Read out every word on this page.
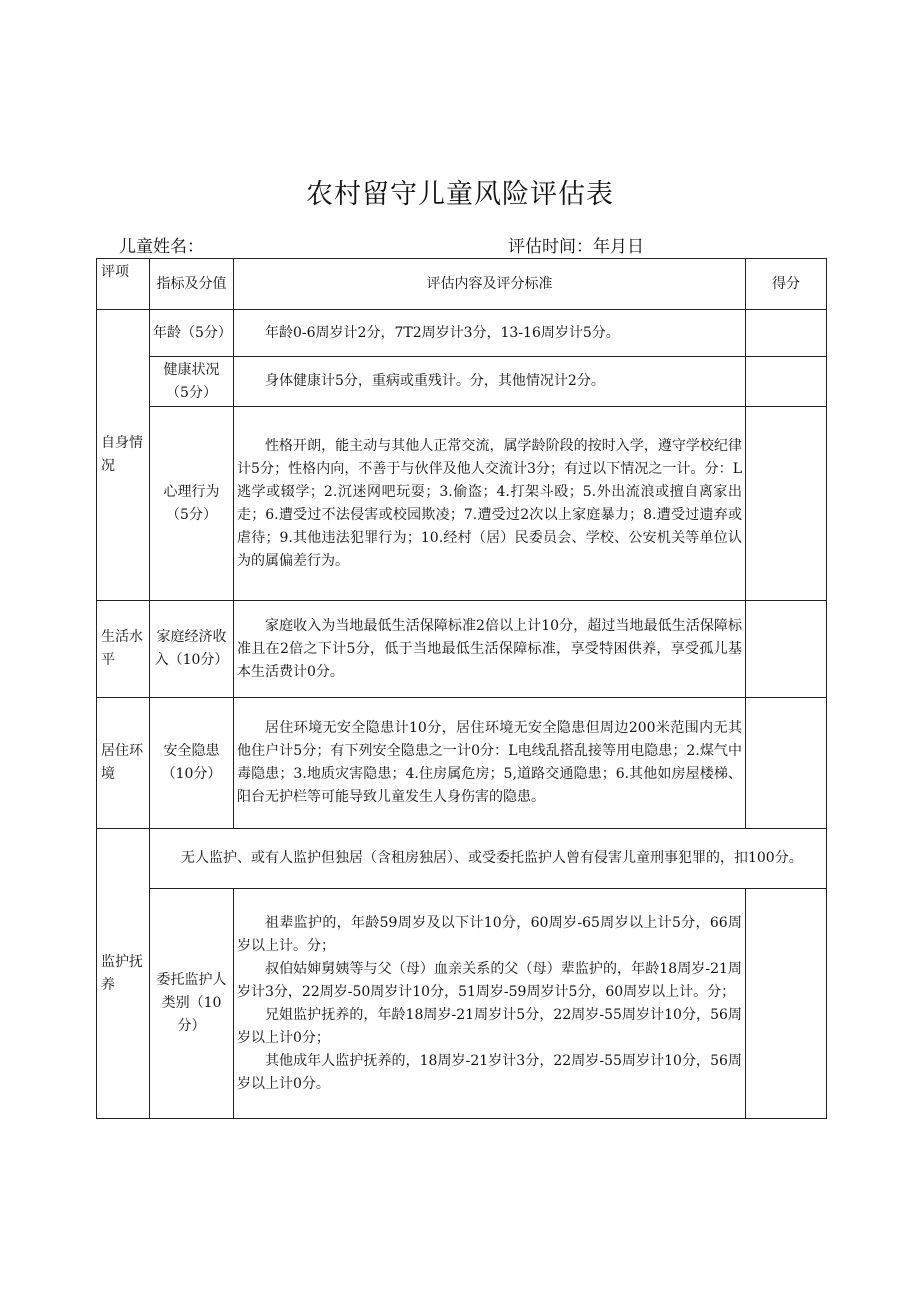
农村留守儿童风险评估表
儿童姓名：	评估时间：年月日
评项	指标及分值	评估内容及评分标准	得分
自身情况	年龄（5分）	年龄0-6周岁计2分，7T2周岁计3分，13-16周岁计5分。	
	健康状况（5分）	身体健康计5分，重病或重残计。分，其他情况计2分。	
	心理行为（5分）	性格开朗，能主动与其他人正常交流，属学龄阶段的按时入学，遵守学校纪律计5分；性格内向，不善于与伙伴及他人交流计3分；有过以下情况之一计。分：L逃学或辍学；2.沉迷网吧玩耍；3.偷盗；4.打架斗殴；5.外出流浪或擅自离家出走；6.遭受过不法侵害或校园欺凌；7.遭受过2次以上家庭暴力；8.遭受过遗弃或虐待；9.其他违法犯罪行为；10.经村（居）民委员会、学校、公安机关等单位认为的属偏差行为。	
生活水平	家庭经济收入（10分）	家庭收入为当地最低生活保障标准2倍以上计10分，超过当地最低生活保障标准且在2倍之下计5分，低于当地最低生活保障标准，享受特困供养，享受孤儿基本生活费计0分。	
居住环境	安全隐患（10分）	居住环境无安全隐患计10分，居住环境无安全隐患但周边200米范围内无其他住户计5分；有下列安全隐患之一计0分：L电线乱搭乱接等用电隐患；2.煤气中毒隐患；3.地质灾害隐患；4.住房属危房；5,道路交通隐患；6.其他如房屋楼梯、阳台无护栏等可能导致儿童发生人身伤害的隐患。	
监护抚养	无人监护、或有人监护但独居（含租房独居）、或受委托监护人曾有侵害儿童刑事犯罪的，扣100分。		
	委托监护人类别（10分）	祖辈监护的，年龄59周岁及以下计10分，60周岁-65周岁以上计5分，66周岁以上计。分；

叔伯姑婶舅姨等与父（母）血亲关系的父（母）辈监护的，年龄18周岁-21周岁计3分，22周岁-50周岁计10分，51周岁-59周岁计5分，60周岁以上计。分；

兄姐监护抚养的，年龄18周岁-21周岁计5分，22周岁-55周岁计10分，56周岁以上计0分；

其他成年人监护抚养的，18周岁-21岁计3分，22周岁-55周岁计10分，56周岁以上计0分。	
